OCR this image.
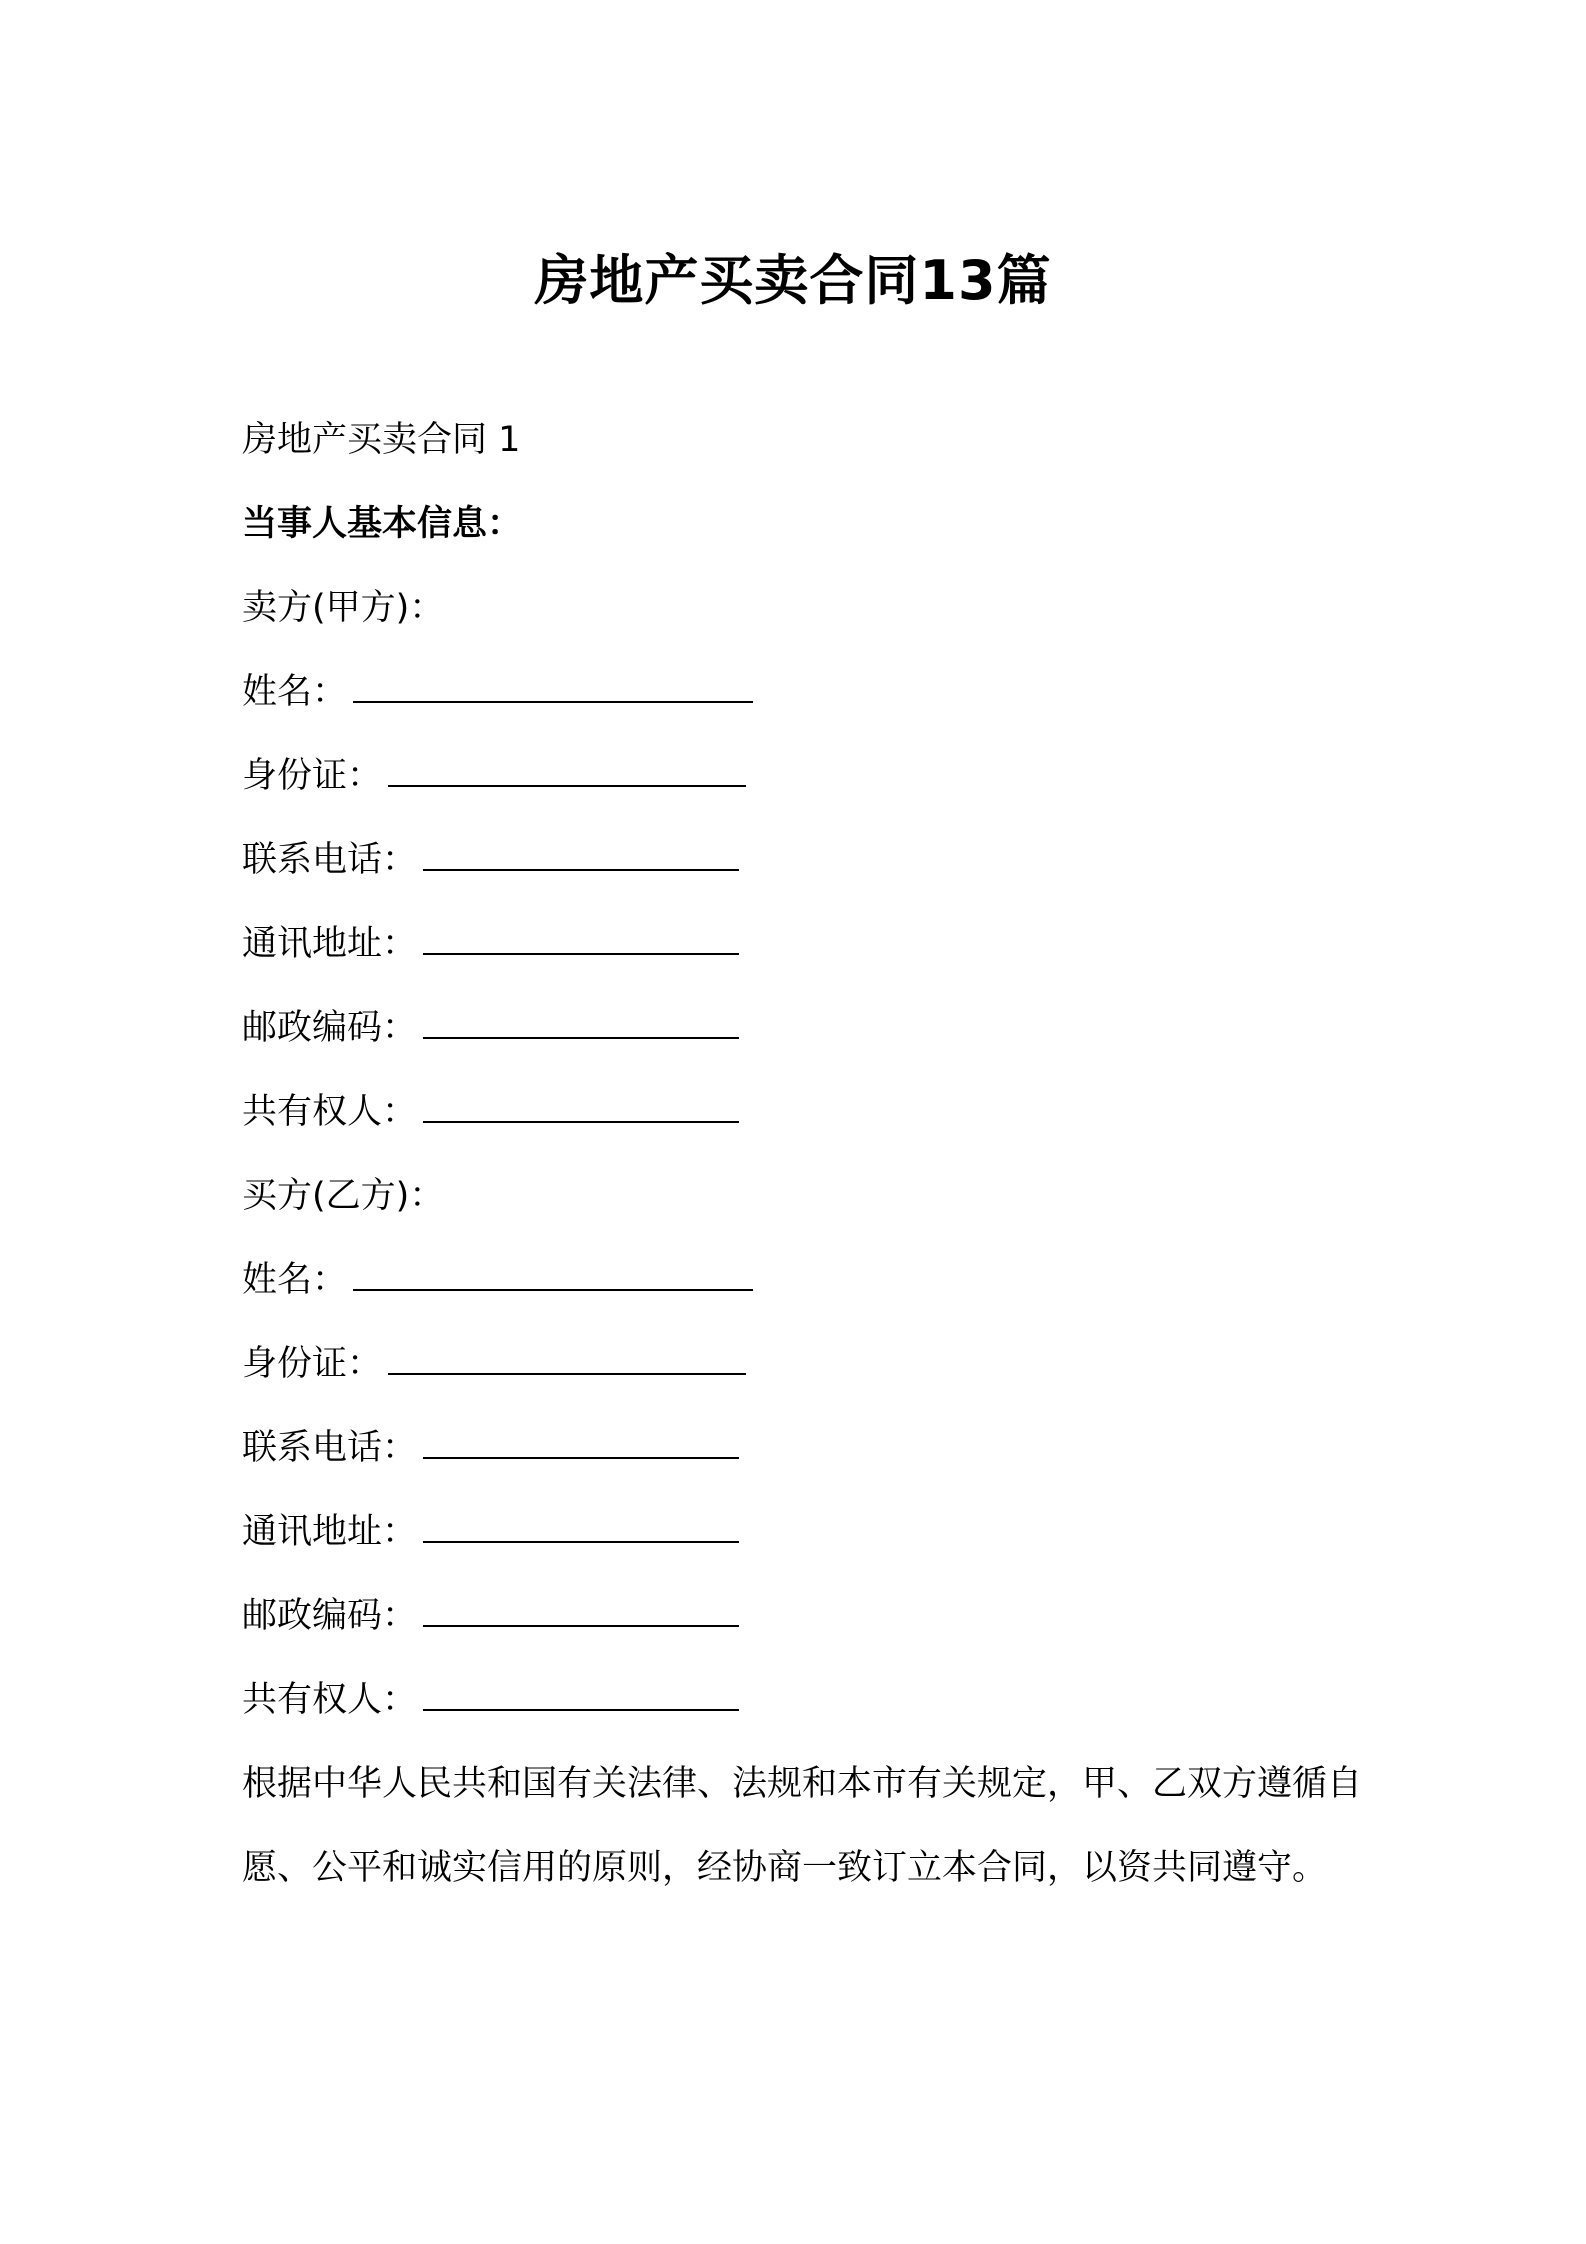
房地产买卖合同13篇
房地产买卖合同 1
当事人基本信息：
卖方(甲方)：
姓名：
身份证：
联系电话：
通讯地址：
邮政编码：
共有权人：
买方(乙方)：
姓名：
身份证：
联系电话：
通讯地址：
邮政编码：
共有权人：

根据中华人民共和国有关法律、法规和本市有关规定，甲、乙双方遵循自愿、公平和诚实信用的原则，经协商一致订立本合同，以资共同遵守。
